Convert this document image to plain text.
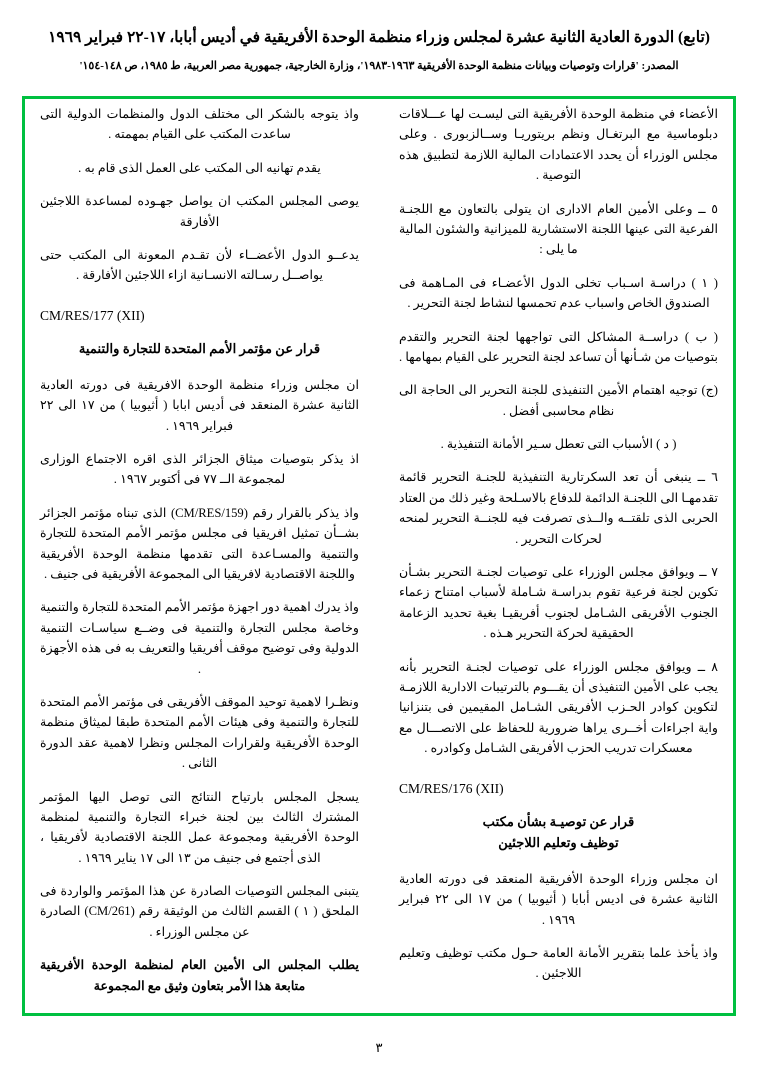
(تابع) الدورة العادية الثانية عشرة لمجلس وزراء منظمة الوحدة الأفريقية في أديس أبابا، ١٧-٢٢ فبراير ١٩٦٩
المصدر: 'قرارات وتوصيات وبيانات منظمة الوحدة الأفريقية ١٩٦٣-١٩٨٣'، وزارة الخارجية، جمهورية مصر العربية، ط ١٩٨٥، ص ١٤٨-١٥٤'
الأعضاء في منظمة الوحدة الأفريقية التى ليسـت لها عـــلاقات دبلوماسية مع البرتغـال ونظم بريتوريـا وســالزبورى . وعلى مجلس الوزراء أن يحدد الاعتمادات المالية اللازمة لتطبيق هذه التوصية .
٥ ــ وعلى الأمين العام الادارى ان يتولى بالتعاون مع اللجنـة الفرعية التى عينها اللجنة الاستشارية للميزانية والشئون المالية ما يلى :
( ١ ) دراسـة اسـباب تخلى الدول الأعضـاء فى المـاهمة فى الصندوق الخاص واسباب عدم تحمسها لنشاط لجنة التحرير .
( ب ) دراســة المشاكل التى تواجهها لجنة التحرير والتقدم بتوصيات من شـأنها أن تساعد لجنة التحرير على القيام بمهامها .
(ج) توجيه اهتمام الأمين التنفيذى للجنة التحرير الى الحاجة الى نظام محاسبى أفضل .
( د ) الأسباب التى تعطل سـير الأمانة التنفيذية .
٦ ــ ينبغى أن تعد السكرتارية التنفيذية للجنـة التحرير قائمة تقدمهـا الى اللجنـة الدائمة للدفاع بالاسـلحة وغير ذلك من العتاد الحربى الذى تلقتــه والــذى تصرفت فيه للجنــة التحرير لمنحه لحركات التحرير .
٧ ــ ويوافق مجلس الوزراء على توصيات لجنـة التحرير بشـأن تكوين لجنة فرعية تقوم بدراسـة شـاملة لأسباب امتناح زعماء الجنوب الأفريقى الشـامل لجنوب أفريقيـا بغية تحديد الزعامة الحقيقية لحركة التحرير هـذه .
٨ ــ ويوافق مجلس الوزراء على توصيات لجنـة التحرير بأنه يجب على الأمين التنفيذى أن يقـــوم بالترتيبات الادارية اللازمـة لتكوين كوادر الحـزب الأفريقى الشـامل المقيمين فى بتنزانيا واية اجراءات أخــرى يراها ضرورية للحفاظ على الاتصـــال مع معسكرات تدريب الحزب الأفريقى الشـامل وكوادره .
CM/RES/176 (XII)
قرار عن توصيـة بشأن مكتب
توظيف وتعليم اللاجئين
ان مجلس وزراء الوحدة الأفريقية المنعقد فى دورته العادية الثانية عشرة فى اديس أبابا ( أثيوبيا ) من ١٧ الى ٢٢ فبراير ١٩٦٩ .
واذ يأخذ علما بتقرير الأمانة العامة حـول مكتب توظيف وتعليم اللاجئين .
واذ يتوجه بالشكر الى مختلف الدول والمنظمات الدولية التى ساعدت المكتب على القيام بمهمته .
يقدم تهانيه الى المكتب على العمل الذى قام به .
يوصى المجلس المكتب ان يواصل جهـوده لمساعدة اللاجئين الأفارقة
يدعــو الدول الأعضــاء لأن تقـدم المعونة الى المكتب حتى يواصــل رسـالته الانسـانية ازاء اللاجئين الأفارقة .
CM/RES/177 (XII)
قرار عن مؤتمر الأمم المتحدة للتجارة والتنمية
ان مجلس وزراء منظمة الوحدة الافريقية فى دورته العادية الثانية عشرة المنعقد فى أديس ابابا ( أثيوبيا ) من ١٧ الى ٢٢ فبراير ١٩٦٩ .
اذ يذكر بتوصيات ميثاق الجزائر الذى اقره الاجتماع الوزارى لمجموعة الــ ٧٧ فى أكتوبر ١٩٦٧ .
واذ يذكر بالقرار رقم (CM/RES/159) الذى تبناه مؤتمر الجزائر بشــأن تمثيل افريقيا فى مجلس مؤتمر الأمم المتحدة للتجارة والتنمية والمسـاعدة التى تقدمها منظمة الوحدة الأفريقية واللجنة الاقتصادية لافريقيا الى المجموعة الأفريقية فى جنيف .
واذ يدرك اهمية دور اجهزة مؤتمر الأمم المتحدة للتجارة والتنمية وخاصة مجلس التجارة والتنمية فى وضــع سياسـات التنمية الدولية وفى توضيح موقف أفريقيا والتعريف به فى هذه الأجهزة .
ونظـرا لاهمية توحيد الموقف الأفريقى فى مؤتمر الأمم المتحدة للتجارة والتنمية وفى هيئات الأمم المتحدة طبقا لميثاق منظمة الوحدة الأفريقية ولقرارات المجلس ونظرا لاهمية عقد الدورة الثانى .
يسجل المجلس بارتياح النتائج التى توصل اليها المؤتمر المشترك الثالث بين لجنة خبراء التجارة والتنمية لمنظمة الوحدة الأفريقية ومجموعة عمل اللجنة الاقتصادية لأفريقيا ، الذى أجتمع فى جنيف من ١٣ الى ١٧ يناير ١٩٦٩ .
يتبنى المجلس التوصيات الصادرة عن هذا المؤتمر والواردة فى الملحق ( ١ ) القسم الثالث من الوثيقة رقم (CM/261) الصادرة عن مجلس الوزراء .
يطلب المجلس الى الأمين العام لمنظمة الوحدة الأفريقية متابعة هذا الأمر بتعاون وثيق مع المجموعة
٣
